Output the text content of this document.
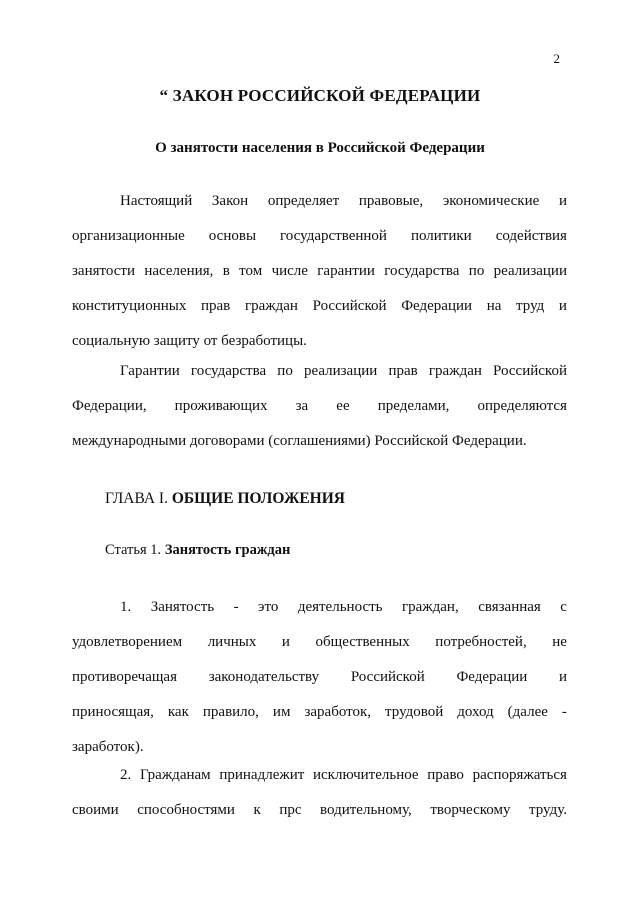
2
“ ЗАКОН РОССИЙСКОЙ ФЕДЕРАЦИИ
О занятости населения в Российской Федерации
Настоящий Закон определяет правовые, экономические и
организационные основы государственной политики содействия
занятости населения, в том числе гарантии государства по реализации
конституционных прав граждан Российской Федерации на труд и
социальную защиту от безработицы.
Гарантии государства по реализации прав граждан Российской
Федерации, проживающих за ее пределами, определяются
международными договорами (соглашениями) Российской Федерации.
ГЛАВА I. ОБЩИЕ ПОЛОЖЕНИЯ
Статья 1. Занятость граждан
1. Занятость - это деятельность граждан, связанная с
удовлетворением личных и общественных потребностей, не
противоречащая законодательству Российской Федерации и
приносящая, как правило, им заработок, трудовой доход (далее -
заработок).
2. Гражданам принадлежит исключительное право распоряжаться
своими способностями к прс водительному, творческому труду.
